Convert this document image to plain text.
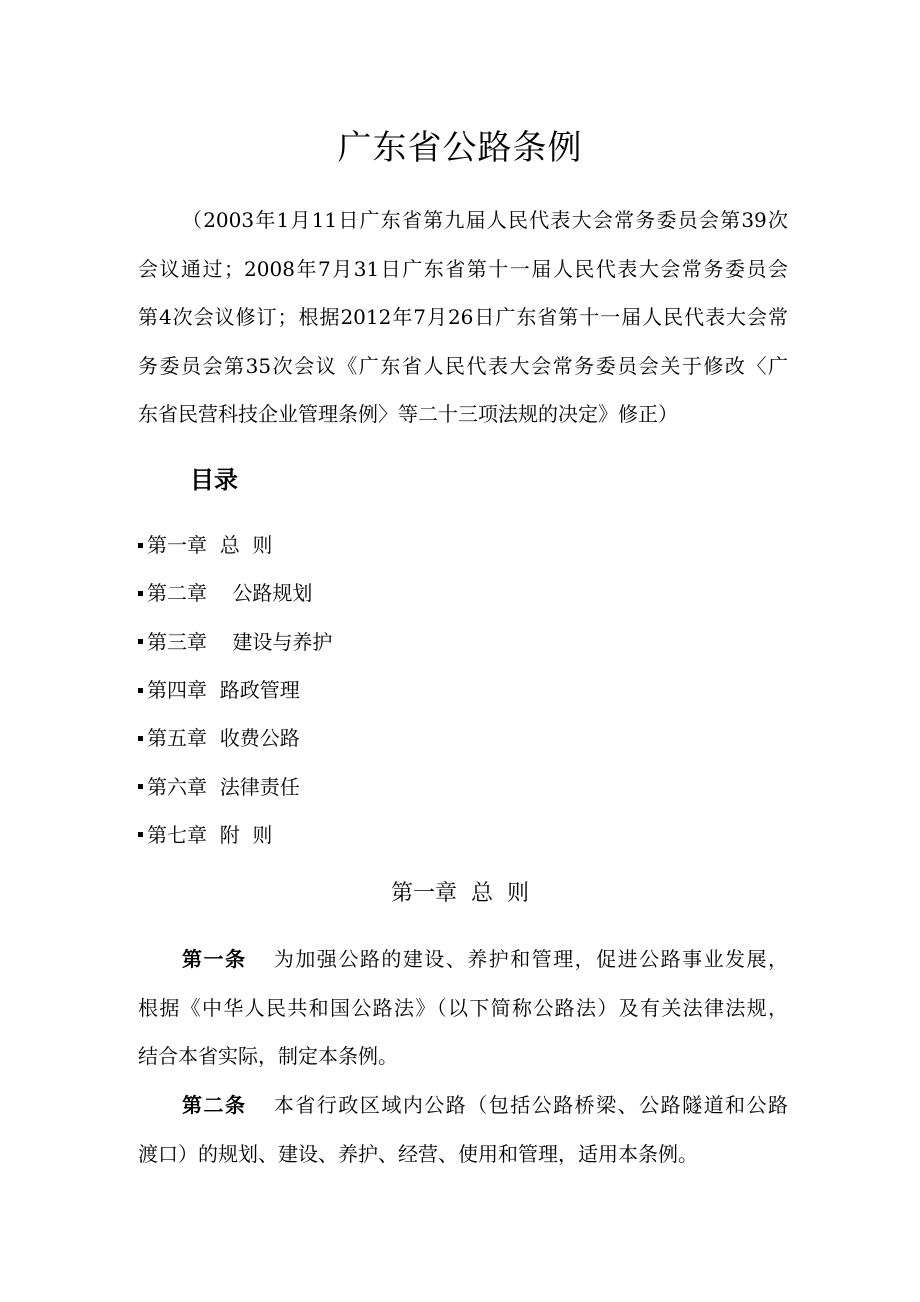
广东省公路条例
（2003年1月11日广东省第九届人民代表大会常务委员会第39次
会议通过；2008年7月31日广东省第十一届人民代表大会常务委员会
第4次会议修订；根据2012年7月26日广东省第十一届人民代表大会常
务委员会第35次会议《广东省人民代表大会常务委员会关于修改〈广
东省民营科技企业管理条例〉等二十三项法规的决定》修正）
目录
第一章  总  则
第二章    公路规划
第三章    建设与养护
第四章  路政管理
第五章  收费公路
第六章  法律责任
第七章  附  则
第一章  总  则
第一条 为加强公路的建设、养护和管理，促进公路事业发展，
根据《中华人民共和国公路法》（以下简称公路法）及有关法律法规，
结合本省实际，制定本条例。
第二条 本省行政区域内公路（包括公路桥梁、公路隧道和公路
渡口）的规划、建设、养护、经营、使用和管理，适用本条例。
